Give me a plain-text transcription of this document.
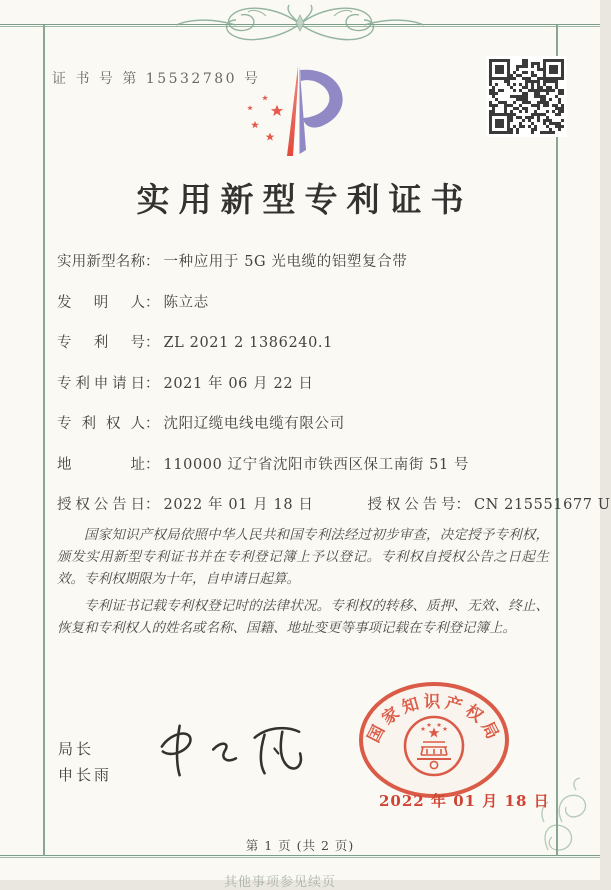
证 书 号 第 15532780 号
实用新型专利证书
实用新型名称： 一种应用于 5G 光电缆的铝塑复合带
发明人： 陈立志
专利号： ZL 2021 2 1386240.1
专利申请日： 2021 年 06 月 22 日
专利权人： 沈阳辽缆电线电缆有限公司
地址： 110000 辽宁省沈阳市铁西区保工南街 51 号
授权公告日： 2022 年 01 月 18 日	授权公告号： CN 215551677 U

国家知识产权局依照中华人民共和国专利法经过初步审查，决定授予专利权，颁发实用新型专利证书并在专利登记簿上予以登记。专利权自授权公告之日起生效。专利权期限为十年，自申请日起算。

专利证书记载专利权登记时的法律状况。专利权的转移、质押、无效、终止、恢复和专利权人的姓名或名称、国籍、地址变更等事项记载在专利登记簿上。

局长
申长雨
国家知识产权局
2022 年 01 月 18 日
第 1 页 (共 2 页)
其他事项参见续页
